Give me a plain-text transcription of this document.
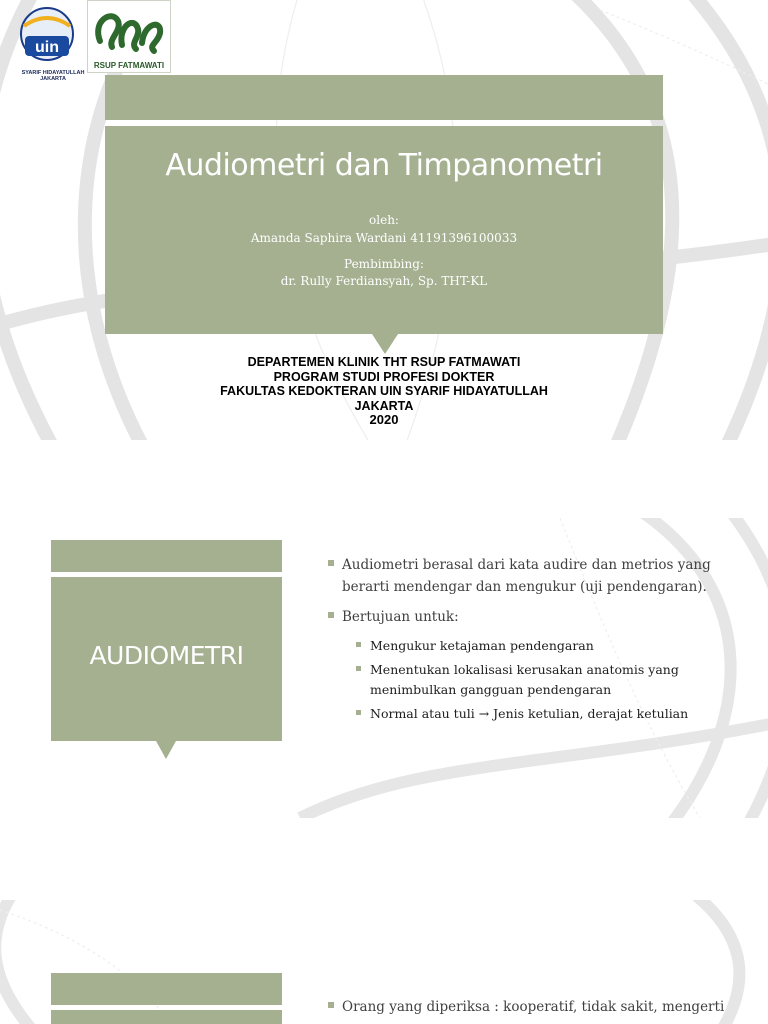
uin
SYARIF HIDAYATULLAH JAKARTA
RSUP FATMAWATI
Audiometri dan Timpanometri
oleh:
Amanda Saphira Wardani 41191396100033
Pembimbing:
dr. Rully Ferdiansyah, Sp. THT-KL
DEPARTEMEN KLINIK THT RSUP FATMAWATI
PROGRAM STUDI PROFESI DOKTER
FAKULTAS KEDOKTERAN UIN SYARIF HIDAYATULLAH
JAKARTA
2020
AUDIOMETRI
Audiometri berasal dari kata audire dan metrios yang berarti mendengar dan mengukur (uji pendengaran).
Bertujuan untuk:
Mengukur ketajaman pendengaran
Menentukan lokalisasi kerusakan anatomis yang menimbulkan gangguan pendengaran
Normal atau tuli → Jenis ketulian, derajat ketulian
Orang yang diperiksa : kooperatif, tidak sakit, mengerti
